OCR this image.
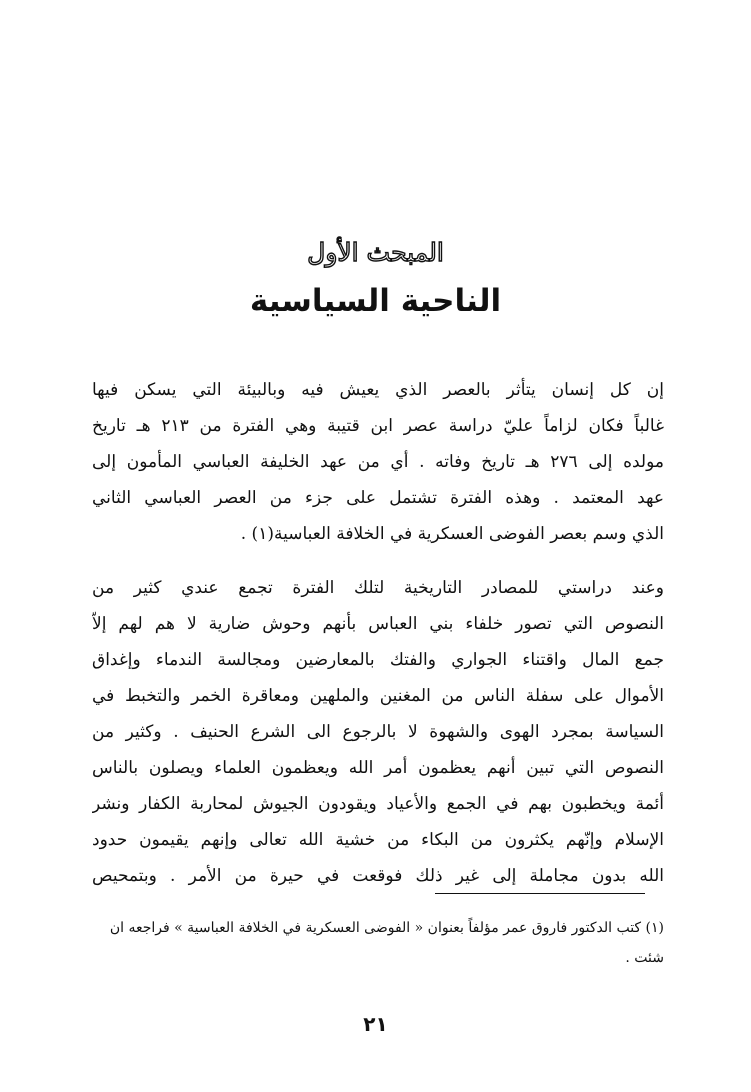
المبحث الأول
الناحية السياسية
إن كل إنسان يتأثر بالعصر الذي يعيش فيه وبالبيئة التي يسكن فيها
غالباً فكان لزاماً عليّ دراسة عصر ابن قتيبة وهي الفترة من ٢١٣ هـ تاريخ
مولده إلى ٢٧٦ هـ تاريخ وفاته . أي من عهد الخليفة العباسي المأمون إلى
عهد المعتمد . وهذه الفترة تشتمل على جزء من العصر العباسي الثاني
الذي وسم بعصر الفوضى العسكرية في الخلافة العباسية(١) .
وعند دراستي للمصادر التاريخية لتلك الفترة تجمع عندي كثير من
النصوص التي تصور خلفاء بني العباس بأنهم وحوش ضارية لا هم لهم إلاّ
جمع المال واقتناء الجواري والفتك بالمعارضين ومجالسة الندماء وإغداق
الأموال على سفلة الناس من المغنين والملهين ومعاقرة الخمر والتخبط في
السياسة بمجرد الهوى والشهوة لا بالرجوع الى الشرع الحنيف . وكثير من
النصوص التي تبين أنهم يعظمون أمر الله ويعظمون العلماء ويصلون بالناس
أئمة ويخطبون بهم في الجمع والأعياد ويقودون الجيوش لمحاربة الكفار ونشر
الإسلام وإنّهم يكثرون من البكاء من خشية الله تعالى وإنهم يقيمون حدود
الله بدون مجاملة إلى غير ذلك فوقعت في حيرة من الأمر . وبتمحيص
(١) كتب الدكتور فاروق عمر مؤلفاً بعنوان « الفوضى العسكرية في الخلافة العباسية » فراجعه ان
شئت .
٢١
